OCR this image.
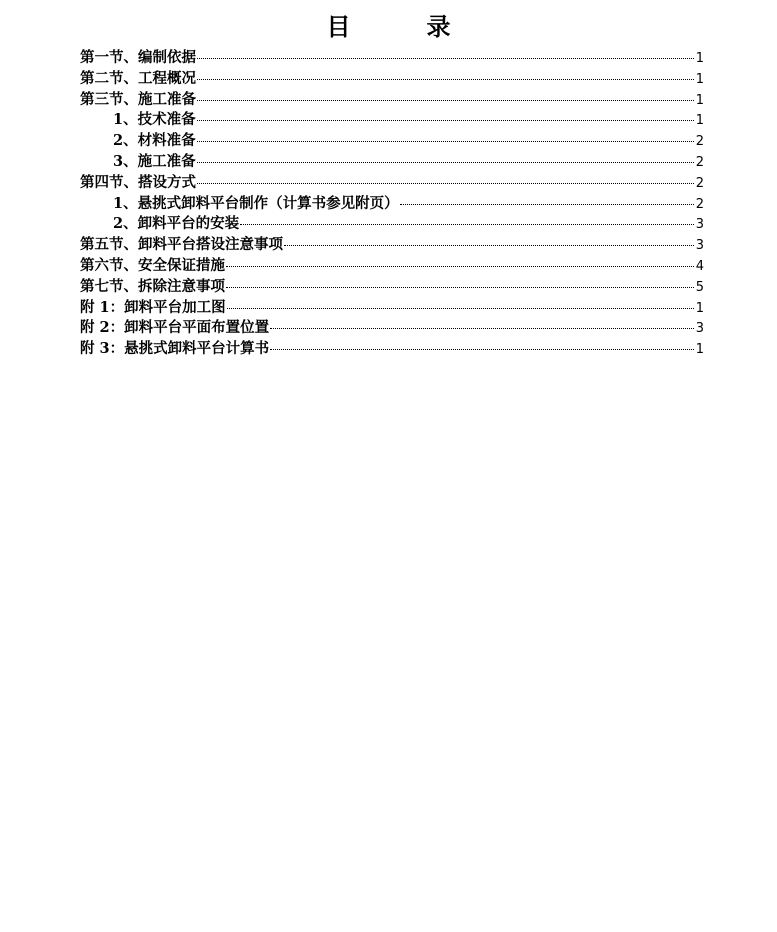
目　录
第一节、编制依据	1
第二节、工程概况	1
第三节、施工准备	1
1、技术准备	1
2、材料准备	2
3、施工准备	2
第四节、搭设方式	2
1、悬挑式卸料平台制作（计算书参见附页）	2
2、卸料平台的安装	3
第五节、卸料平台搭设注意事项	3
第六节、安全保证措施	4
第七节、拆除注意事项	5
附 1：卸料平台加工图	1
附 2：卸料平台平面布置位置	3
附 3：悬挑式卸料平台计算书	1
